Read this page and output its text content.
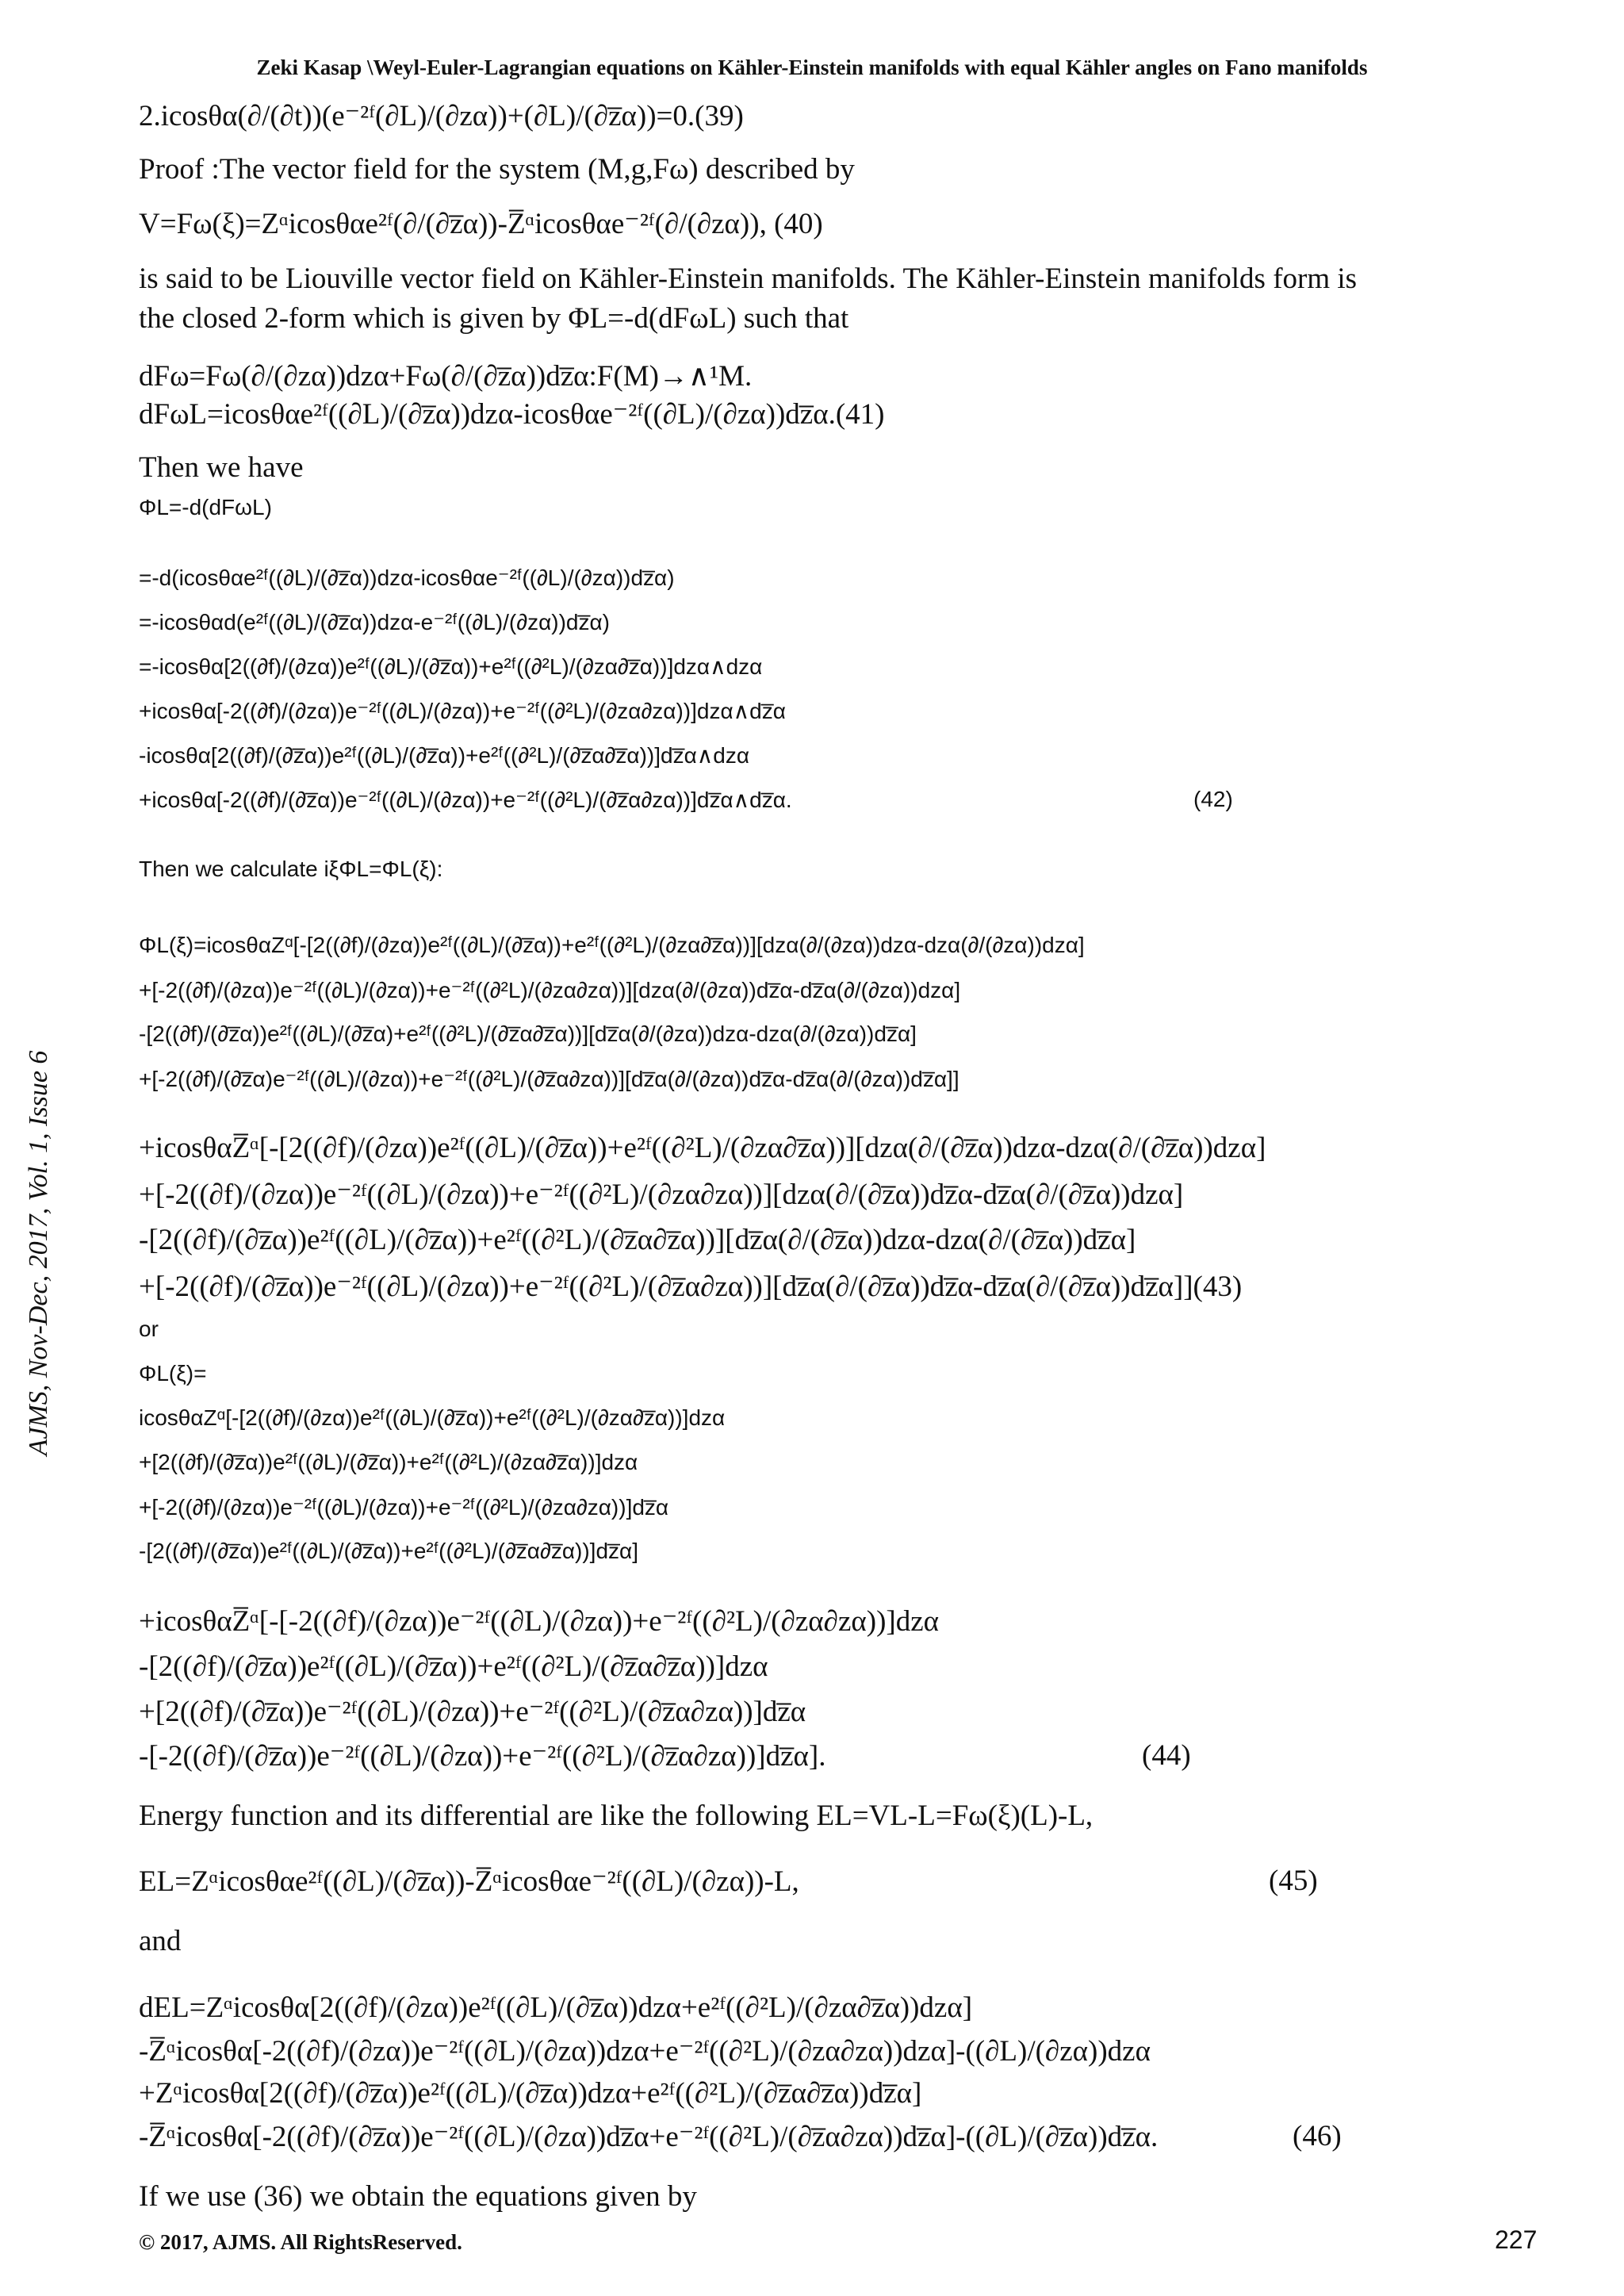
Zeki Kasap \Weyl-Euler-Lagrangian equations on Kähler-Einstein manifolds with equal Kähler angles on Fano manifolds
AJMS, Nov-Dec, 2017, Vol. 1, Issue 6
2.icosθα(∂/(∂t))(e⁻²ᶠ(∂L)/(∂zα))+(∂L)/(∂z̅α))=0.(39)
Proof :The vector field for the system (M,g,Fω) described by
V=Fω(ξ)=Zᵅicosθαe²ᶠ(∂/(∂z̅α))-Z̅ᵅicosθαe⁻²ᶠ(∂/(∂zα)), (40)
is said to be Liouville vector field on Kähler-Einstein manifolds. The Kähler-Einstein manifolds form is
the closed 2-form which is given by ΦL=-d(dFωL) such that
dFω=Fω(∂/(∂zα))dzα+Fω(∂/(∂z̅α))dz̅α:F(M)→∧¹M.
dFωL=icosθαe²ᶠ((∂L)/(∂z̅α))dzα-icosθαe⁻²ᶠ((∂L)/(∂zα))dz̅α.(41)
Then we have
ΦL=-d(dFωL)
=-d(icosθαe²ᶠ((∂L)/(∂z̅α))dzα-icosθαe⁻²ᶠ((∂L)/(∂zα))dz̅α)
=-icosθαd(e²ᶠ((∂L)/(∂z̅α))dzα-e⁻²ᶠ((∂L)/(∂zα))dz̅α)
=-icosθα[2((∂f)/(∂zα))e²ᶠ((∂L)/(∂z̅α))+e²ᶠ((∂²L)/(∂zα∂z̅α))]dzα∧dzα
+icosθα[-2((∂f)/(∂zα))e⁻²ᶠ((∂L)/(∂zα))+e⁻²ᶠ((∂²L)/(∂zα∂zα))]dzα∧dz̅α
-icosθα[2((∂f)/(∂z̅α))e²ᶠ((∂L)/(∂z̅α))+e²ᶠ((∂²L)/(∂z̅α∂z̅α))]dz̅α∧dzα
+icosθα[-2((∂f)/(∂z̅α))e⁻²ᶠ((∂L)/(∂zα))+e⁻²ᶠ((∂²L)/(∂z̅α∂zα))]dz̅α∧dz̅α.	(42)
Then we calculate iξΦL=ΦL(ξ):
ΦL(ξ)=icosθαZᵅ[-[2((∂f)/(∂zα))e²ᶠ((∂L)/(∂z̅α))+e²ᶠ((∂²L)/(∂zα∂z̅α))][dzα(∂/(∂zα))dzα-dzα(∂/(∂zα))dzα]
+[-2((∂f)/(∂zα))e⁻²ᶠ((∂L)/(∂zα))+e⁻²ᶠ((∂²L)/(∂zα∂zα))][dzα(∂/(∂zα))dz̅α-dz̅α(∂/(∂zα))dzα]
-[2((∂f)/(∂z̅α))e²ᶠ((∂L)/(∂z̅α)+e²ᶠ((∂²L)/(∂z̅α∂z̅α))][dz̅α(∂/(∂zα))dzα-dzα(∂/(∂zα))dz̅α]
+[-2((∂f)/(∂z̅α)e⁻²ᶠ((∂L)/(∂zα))+e⁻²ᶠ((∂²L)/(∂z̅α∂zα))][dz̅α(∂/(∂zα))dz̅α-dz̅α(∂/(∂zα))dz̅α]]
+icosθαZ̅ᵅ[-[2((∂f)/(∂zα))e²ᶠ((∂L)/(∂z̅α))+e²ᶠ((∂²L)/(∂zα∂z̅α))][dzα(∂/(∂z̅α))dzα-dzα(∂/(∂z̅α))dzα]
+[-2((∂f)/(∂zα))e⁻²ᶠ((∂L)/(∂zα))+e⁻²ᶠ((∂²L)/(∂zα∂zα))][dzα(∂/(∂z̅α))dz̅α-dz̅α(∂/(∂z̅α))dzα]
-[2((∂f)/(∂z̅α))e²ᶠ((∂L)/(∂z̅α))+e²ᶠ((∂²L)/(∂z̅α∂z̅α))][dz̅α(∂/(∂z̅α))dzα-dzα(∂/(∂z̅α))dz̅α]
+[-2((∂f)/(∂z̅α))e⁻²ᶠ((∂L)/(∂zα))+e⁻²ᶠ((∂²L)/(∂z̅α∂zα))][dz̅α(∂/(∂z̅α))dz̅α-dz̅α(∂/(∂z̅α))dz̅α]](43)
or
ΦL(ξ)=
icosθαZᵅ[-[2((∂f)/(∂zα))e²ᶠ((∂L)/(∂z̅α))+e²ᶠ((∂²L)/(∂zα∂z̅α))]dzα
+[2((∂f)/(∂z̅α))e²ᶠ((∂L)/(∂z̅α))+e²ᶠ((∂²L)/(∂zα∂z̅α))]dzα
+[-2((∂f)/(∂zα))e⁻²ᶠ((∂L)/(∂zα))+e⁻²ᶠ((∂²L)/(∂zα∂zα))]dz̅α
-[2((∂f)/(∂z̅α))e²ᶠ((∂L)/(∂z̅α))+e²ᶠ((∂²L)/(∂z̅α∂z̅α))]dz̅α]
+icosθαZ̅ᵅ[-[-2((∂f)/(∂zα))e⁻²ᶠ((∂L)/(∂zα))+e⁻²ᶠ((∂²L)/(∂zα∂zα))]dzα
-[2((∂f)/(∂z̅α))e²ᶠ((∂L)/(∂z̅α))+e²ᶠ((∂²L)/(∂z̅α∂z̅α))]dzα
+[2((∂f)/(∂z̅α))e⁻²ᶠ((∂L)/(∂zα))+e⁻²ᶠ((∂²L)/(∂z̅α∂zα))]dz̅α
-[-2((∂f)/(∂z̅α))e⁻²ᶠ((∂L)/(∂zα))+e⁻²ᶠ((∂²L)/(∂z̅α∂zα))]dz̅α].	(44)
Energy function and its differential are like the following EL=VL-L=Fω(ξ)(L)-L,
EL=Zᵅicosθαe²ᶠ((∂L)/(∂z̅α))-Z̅ᵅicosθαe⁻²ᶠ((∂L)/(∂zα))-L,	(45)
and
dEL=Zᵅicosθα[2((∂f)/(∂zα))e²ᶠ((∂L)/(∂z̅α))dzα+e²ᶠ((∂²L)/(∂zα∂z̅α))dzα]
-Z̅ᵅicosθα[-2((∂f)/(∂zα))e⁻²ᶠ((∂L)/(∂zα))dzα+e⁻²ᶠ((∂²L)/(∂zα∂zα))dzα]-((∂L)/(∂zα))dzα
+Zᵅicosθα[2((∂f)/(∂z̅α))e²ᶠ((∂L)/(∂z̅α))dzα+e²ᶠ((∂²L)/(∂z̅α∂z̅α))dz̅α]
-Z̅ᵅicosθα[-2((∂f)/(∂z̅α))e⁻²ᶠ((∂L)/(∂zα))dz̅α+e⁻²ᶠ((∂²L)/(∂z̅α∂zα))dz̅α]-((∂L)/(∂z̅α))dz̅α.	(46)
If we use (36) we obtain the equations given by
© 2017, AJMS. All RightsReserved.	227
